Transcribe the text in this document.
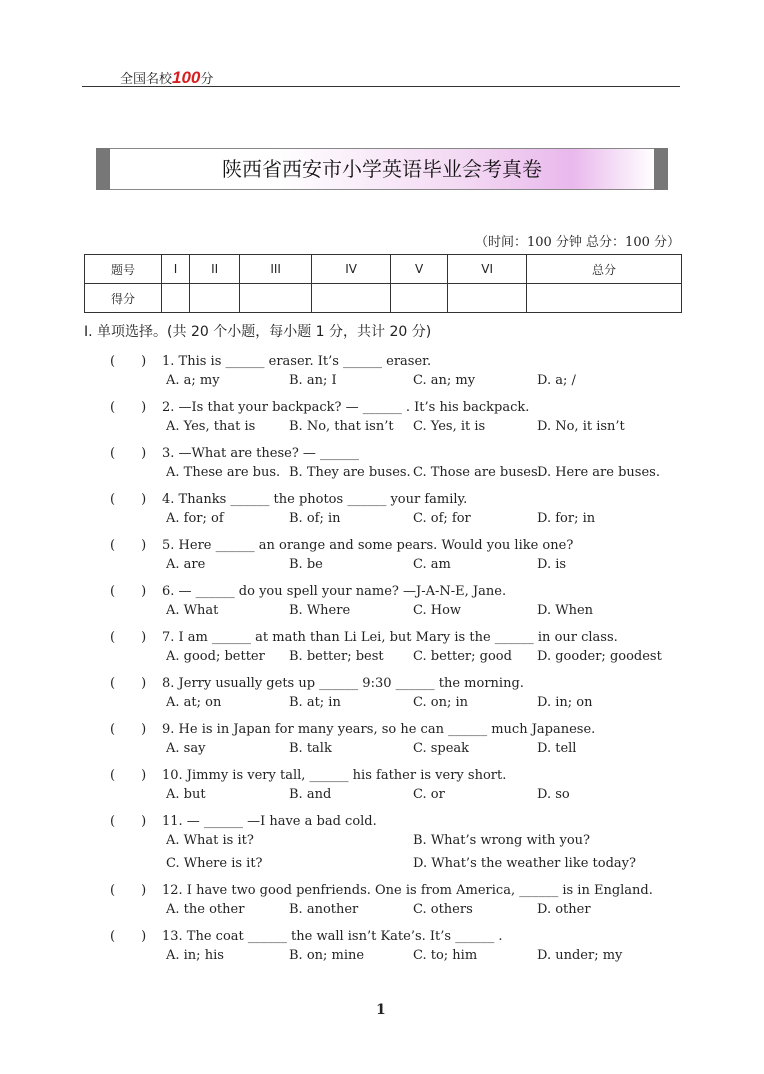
全国名校100分
陕西省西安市小学英语毕业会考真卷
（时间：100 分钟 总分：100 分）
题号	I	II	III	IV	V	VI	总分
得分							
I. 单项选择。(共 20 个小题，每小题 1 分，共计 20 分)
(　　) 1. This is ______ eraser. It’s ______ eraser.
A. a; my	B. an; I	C. an; my	D. a; /
(　　) 2. —Is that your backpack? — ______ . It’s his backpack.
A. Yes, that is	B. No, that isn’t C. Yes, it is	D. No, it isn’t
(　　) 3. —What are these? — ______
A. These are bus. B. They are buses. C. Those are buses.
D. Here are buses.
(　　) 4. Thanks ______ the photos ______ your family.
A. for; of	B. of; in	C. of; for	D. for; in
(　　) 5. Here ______ an orange and some pears. Would you like one?
A. are	B. be	C. am	D. is
(　　) 6. — ______ do you spell your name? —J-A-N-E, Jane.
A. What	B. Where	C. How	D. When
(　　) 7. I am ______ at math than Li Lei, but Mary is the ______ in our class.
A. good; better B. better; best C. better; good D. gooder; goodest
(　　) 8. Jerry usually gets up ______ 9:30 ______ the morning.
A. at; on	B. at; in	C. on; in	D. in; on
(　　) 9. He is in Japan for many years, so he can ______ much Japanese.
A. say	B. talk	C. speak	D. tell
(　　) 10. Jimmy is very tall, ______ his father is very short.
A. but	B. and	C. or	D. so
(　　) 11. — ______ —I have a bad cold.
A. What is it?	B. What’s wrong with you?
C. Where is it?	D. What’s the weather like today?
(　　) 12. I have two good penfriends. One is from America, ______ is in England.
A. the other	B. another	C. others	D. other
(　　) 13. The coat ______ the wall isn’t Kate’s. It’s ______ .
A. in; his	B. on; mine	C. to; him	D. under; my
1
